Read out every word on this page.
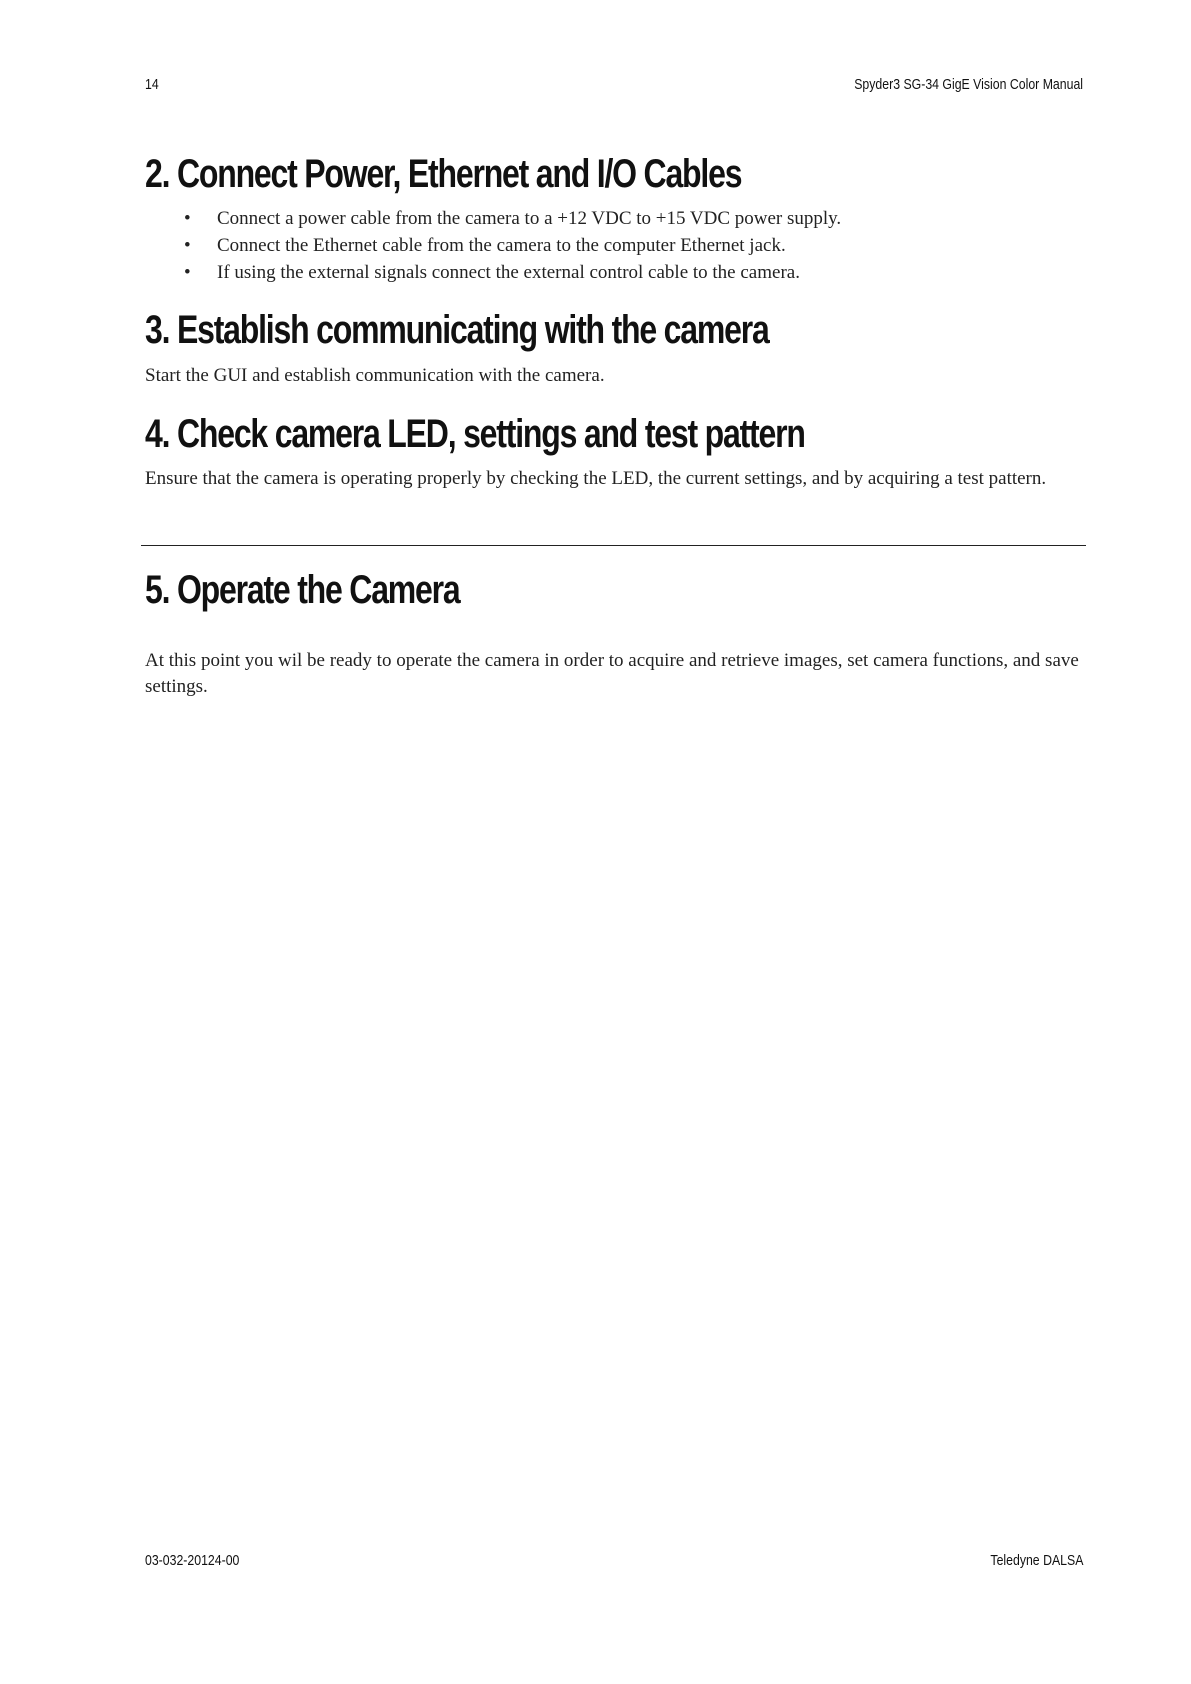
14	Spyder3 SG-34 GigE Vision Color Manual
2. Connect Power, Ethernet and I/O Cables
• Connect a power cable from the camera to a +12 VDC to +15 VDC power supply.
• Connect the Ethernet cable from the camera to the computer Ethernet jack.
• If using the external signals connect the external control cable to the camera.
3. Establish communicating with the camera

Start the GUI and establish communication with the camera.

4. Check camera LED, settings and test pattern

Ensure that the camera is operating properly by checking the LED, the current settings, and by acquiring a test pattern.

5. Operate the Camera

At this point you wil be ready to operate the camera in order to acquire and retrieve images, set camera functions, and save settings.

03-032-20124-00	Teledyne DALSA
